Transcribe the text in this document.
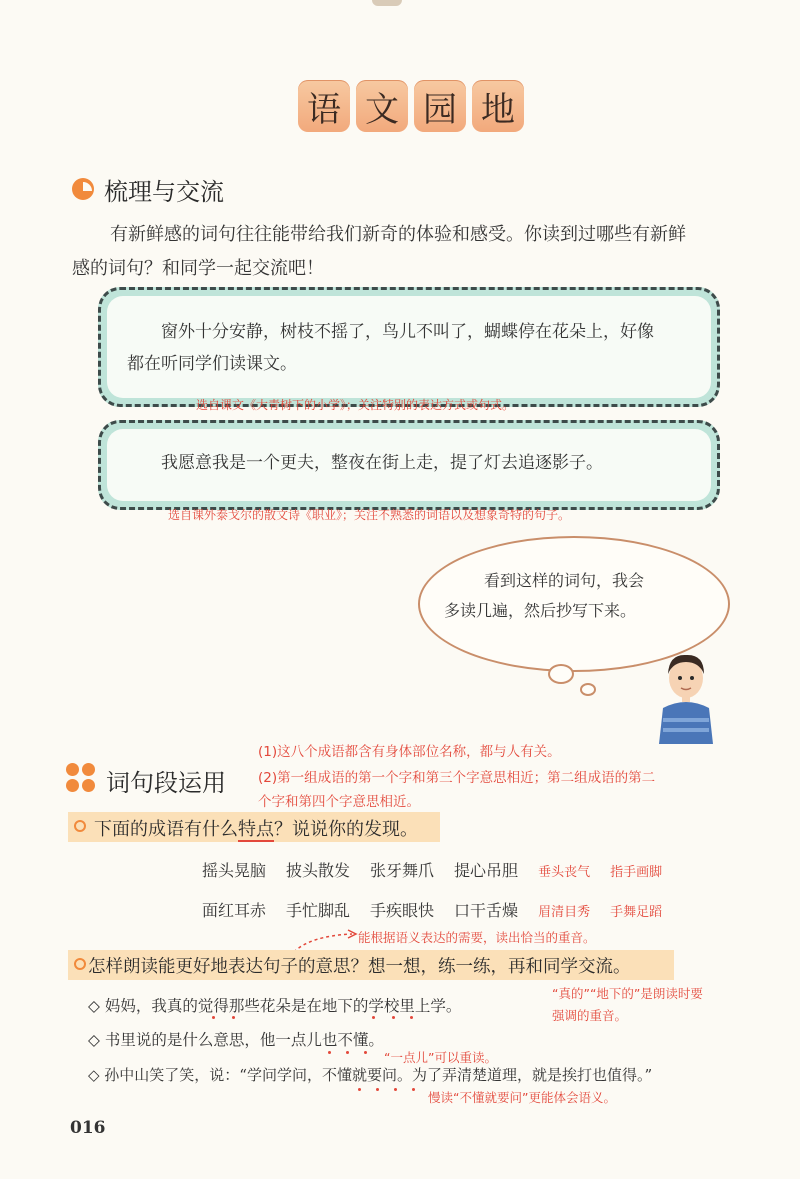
语 文 园 地
梳理与交流
有新鲜感的词句往往能带给我们新奇的体验和感受。你读到过哪些有新鲜
感的词句？和同学一起交流吧！
窗外十分安静，树枝不摇了，鸟儿不叫了，蝴蝶停在花朵上，好像
都在听同学们读课文。
选自课文《大青树下的小学》；关注特别的表达方式或句式。
我愿意我是一个更夫，整夜在街上走，提了灯去追逐影子。
选自课外泰戈尔的散文诗《职业》；关注不熟悉的词语以及想象奇特的句子。
看到这样的词句，我会
多读几遍，然后抄写下来。
词句段运用
(1)这八个成语都含有身体部位名称，都与人有关。
(2)第一组成语的第一个字和第三个字意思相近；第二组成语的第二
个字和第四个字意思相近。
下面的成语有什么特点？说说你的发现。
摇头晃脑 披头散发 张牙舞爪 提心吊胆 垂头丧气 指手画脚
面红耳赤 手忙脚乱 手疾眼快 口干舌燥 眉清目秀 手舞足蹈
能根据语义表达的需要，读出恰当的重音。
怎样朗读能更好地表达句子的意思？想一想，练一练，再和同学交流。
◇ 妈妈，我真的觉得那些花朵是在地下的学校里上学。
“真的”“地下的”是朗读时要
强调的重音。
◇ 书里说的是什么意思，他一点儿也不懂。
“一点儿”可以重读。
◇ 孙中山笑了笑，说：“学问学问，不懂就要问。为了弄清楚道理，就是挨打也值得。”
慢读“不懂就要问”更能体会语义。
016
